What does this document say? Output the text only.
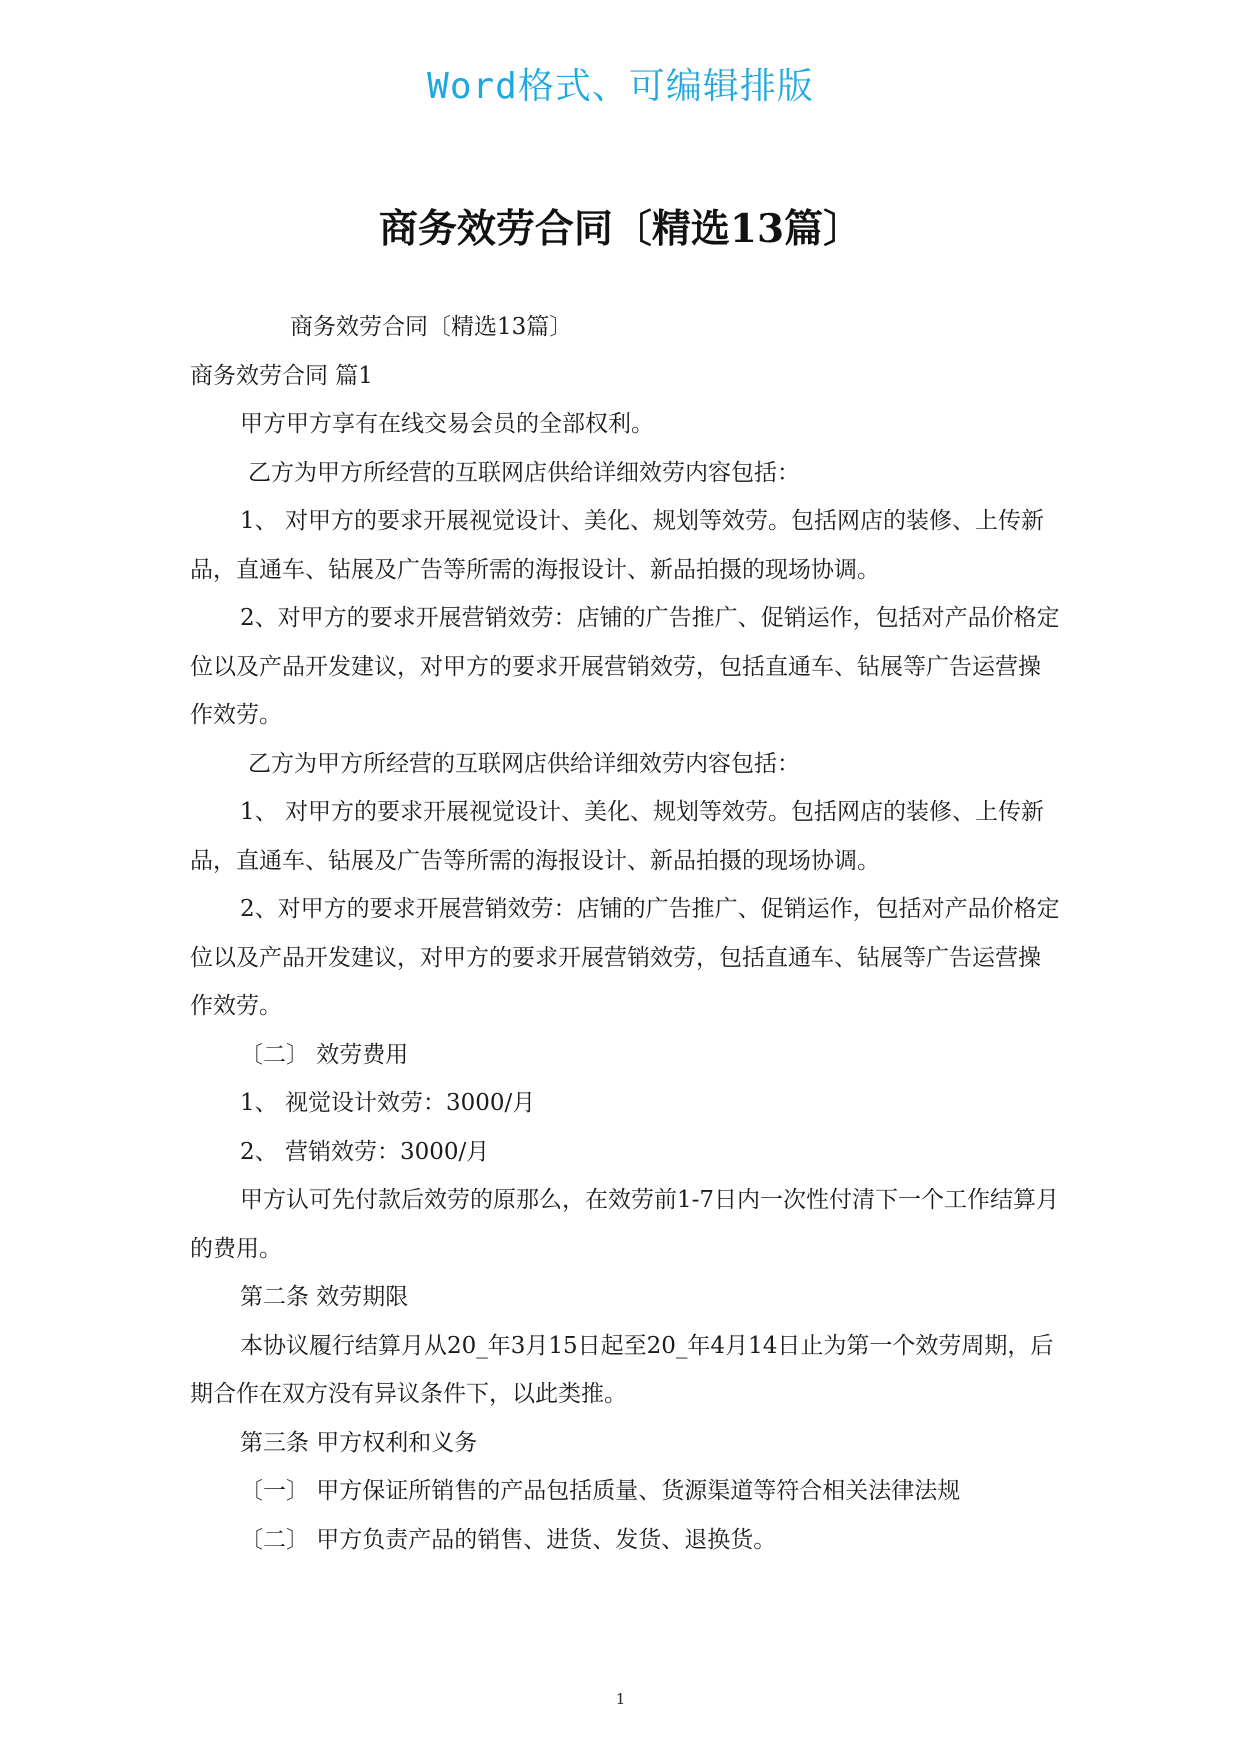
Word格式、可编辑排版
商务效劳合同〔精选13篇〕

商务效劳合同〔精选13篇〕

商务效劳合同 篇1

甲方甲方享有在线交易会员的全部权利。

乙方为甲方所经营的互联网店供给详细效劳内容包括：

1、 对甲方的要求开展视觉设计、美化、规划等效劳。包括网店的装修、上传新品，直通车、钻展及广告等所需的海报设计、新品拍摄的现场协调。

2、对甲方的要求开展营销效劳：店铺的广告推广、促销运作，包括对产品价格定位以及产品开发建议，对甲方的要求开展营销效劳，包括直通车、钻展等广告运营操作效劳。

乙方为甲方所经营的互联网店供给详细效劳内容包括：

1、 对甲方的要求开展视觉设计、美化、规划等效劳。包括网店的装修、上传新品，直通车、钻展及广告等所需的海报设计、新品拍摄的现场协调。

2、对甲方的要求开展营销效劳：店铺的广告推广、促销运作，包括对产品价格定位以及产品开发建议，对甲方的要求开展营销效劳，包括直通车、钻展等广告运营操作效劳。

〔二〕 效劳费用

1、 视觉设计效劳：3000/月

2、 营销效劳：3000/月

甲方认可先付款后效劳的原那么，在效劳前1-7日内一次性付清下一个工作结算月的费用。

第二条 效劳期限

本协议履行结算月从20_年3月15日起至20_年4月14日止为第一个效劳周期，后期合作在双方没有异议条件下，以此类推。

第三条 甲方权利和义务

〔一〕 甲方保证所销售的产品包括质量、货源渠道等符合相关法律法规

〔二〕 甲方负责产品的销售、进货、发货、退换货。

1
